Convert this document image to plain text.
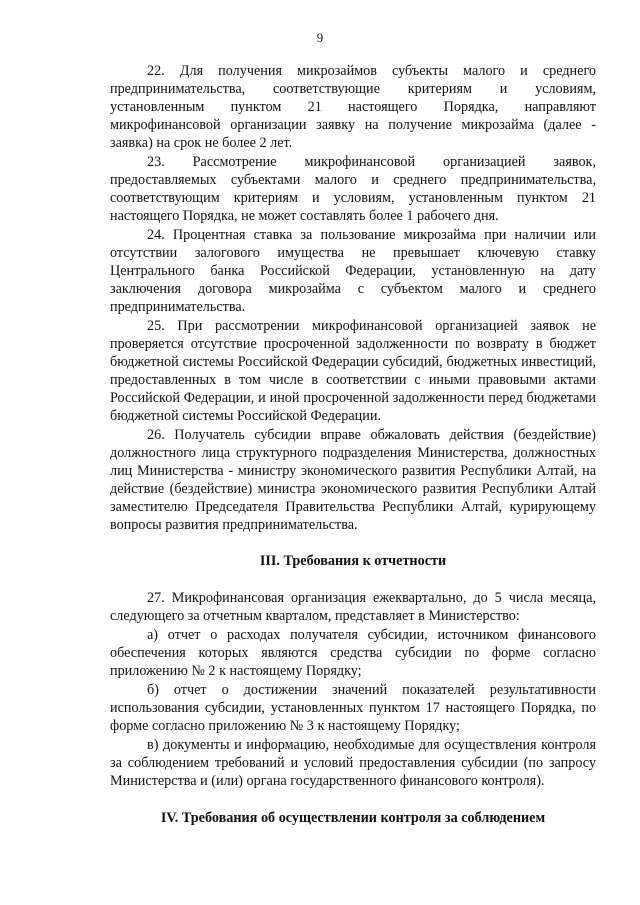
9

22. Для получения микрозаймов субъекты малого и среднего предпринимательства, соответствующие критериям и условиям, установленным пунктом 21 настоящего Порядка, направляют микрофинансовой организации заявку на получение микрозайма (далее - заявка) на срок не более 2 лет.

23. Рассмотрение микрофинансовой организацией заявок, предоставляемых субъектами малого и среднего предпринимательства, соответствующим критериям и условиям, установленным пунктом 21 настоящего Порядка, не может составлять более 1 рабочего дня.

24. Процентная ставка за пользование микрозайма при наличии или отсутствии залогового имущества не превышает ключевую ставку Центрального банка Российской Федерации, установленную на дату заключения договора микрозайма с субъектом малого и среднего предпринимательства.

25. При рассмотрении микрофинансовой организацией заявок не проверяется отсутствие просроченной задолженности по возврату в бюджет бюджетной системы Российской Федерации субсидий, бюджетных инвестиций, предоставленных в том числе в соответствии с иными правовыми актами Российской Федерации, и иной просроченной задолженности перед бюджетами бюджетной системы Российской Федерации.

26. Получатель субсидии вправе обжаловать действия (бездействие) должностного лица структурного подразделения Министерства, должностных лиц Министерства - министру экономического развития Республики Алтай, на действие (бездействие) министра экономического развития Республики Алтай заместителю Председателя Правительства Республики Алтай, курирующему вопросы развития предпринимательства.

III. Требования к отчетности

27. Микрофинансовая организация ежеквартально, до 5 числа месяца, следующего за отчетным кварталом, представляет в Министерство:

а) отчет о расходах получателя субсидии, источником финансового обеспечения которых являются средства субсидии по форме согласно приложению № 2 к настоящему Порядку;

б) отчет о достижении значений показателей результативности использования субсидии, установленных пунктом 17 настоящего Порядка, по форме согласно приложению № 3 к настоящему Порядку;

в) документы и информацию, необходимые для осуществления контроля за соблюдением требований и условий предоставления субсидии (по запросу Министерства и (или) органа государственного финансового контроля).

IV. Требования об осуществлении контроля за соблюдением
